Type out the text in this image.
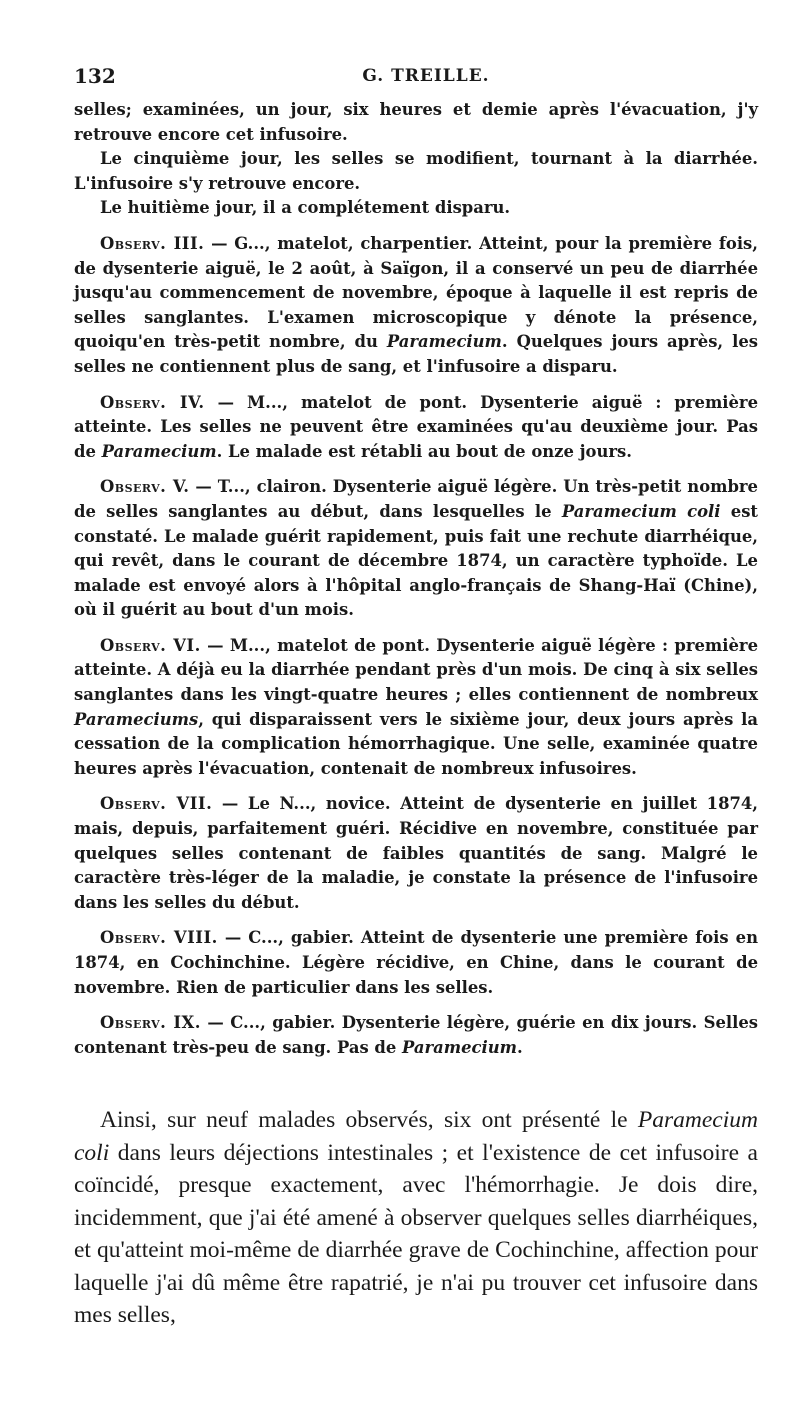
132	G. TREILLE.

selles; examinées, un jour, six heures et demie après l'évacuation, j'y retrouve encore cet infusoire.

Le cinquième jour, les selles se modifient, tournant à la diarrhée. L'infusoire s'y retrouve encore.

Le huitième jour, il a complétement disparu.

Observ. III. — G..., matelot, charpentier. Atteint, pour la première fois, de dysenterie aiguë, le 2 août, à Saïgon, il a conservé un peu de diarrhée jusqu'au commencement de novembre, époque à laquelle il est repris de selles sanglantes. L'examen microscopique y dénote la présence, quoiqu'en très-petit nombre, du Paramecium. Quelques jours après, les selles ne contiennent plus de sang, et l'infusoire a disparu.

Observ. IV. — M..., matelot de pont. Dysenterie aiguë : première atteinte. Les selles ne peuvent être examinées qu'au deuxième jour. Pas de Paramecium. Le malade est rétabli au bout de onze jours.

Observ. V. — T..., clairon. Dysenterie aiguë légère. Un très-petit nombre de selles sanglantes au début, dans lesquelles le Paramecium coli est constaté. Le malade guérit rapidement, puis fait une rechute diarrhéique, qui revêt, dans le courant de décembre 1874, un caractère typhoïde. Le malade est envoyé alors à l'hôpital anglo-français de Shang-Haï (Chine), où il guérit au bout d'un mois.

Observ. VI. — M..., matelot de pont. Dysenterie aiguë légère : première atteinte. A déjà eu la diarrhée pendant près d'un mois. De cinq à six selles sanglantes dans les vingt-quatre heures ; elles contiennent de nombreux Parameciums, qui disparaissent vers le sixième jour, deux jours après la cessation de la complication hémorrhagique. Une selle, examinée quatre heures après l'évacuation, contenait de nombreux infusoires.

Observ. VII. — Le N..., novice. Atteint de dysenterie en juillet 1874, mais, depuis, parfaitement guéri. Récidive en novembre, constituée par quelques selles contenant de faibles quantités de sang. Malgré le caractère très-léger de la maladie, je constate la présence de l'infusoire dans les selles du début.

Observ. VIII. — C..., gabier. Atteint de dysenterie une première fois en 1874, en Cochinchine. Légère récidive, en Chine, dans le courant de novembre. Rien de particulier dans les selles.

Observ. IX. — C..., gabier. Dysenterie légère, guérie en dix jours. Selles contenant très-peu de sang. Pas de Paramecium.

Ainsi, sur neuf malades observés, six ont présenté le Paramecium coli dans leurs déjections intestinales ; et l'existence de cet infusoire a coïncidé, presque exactement, avec l'hémorrhagie. Je dois dire, incidemment, que j'ai été amené à observer quelques selles diarrhéiques, et qu'atteint moi-même de diarrhée grave de Cochinchine, affection pour laquelle j'ai dû même être rapatrié, je n'ai pu trouver cet infusoire dans mes selles,
